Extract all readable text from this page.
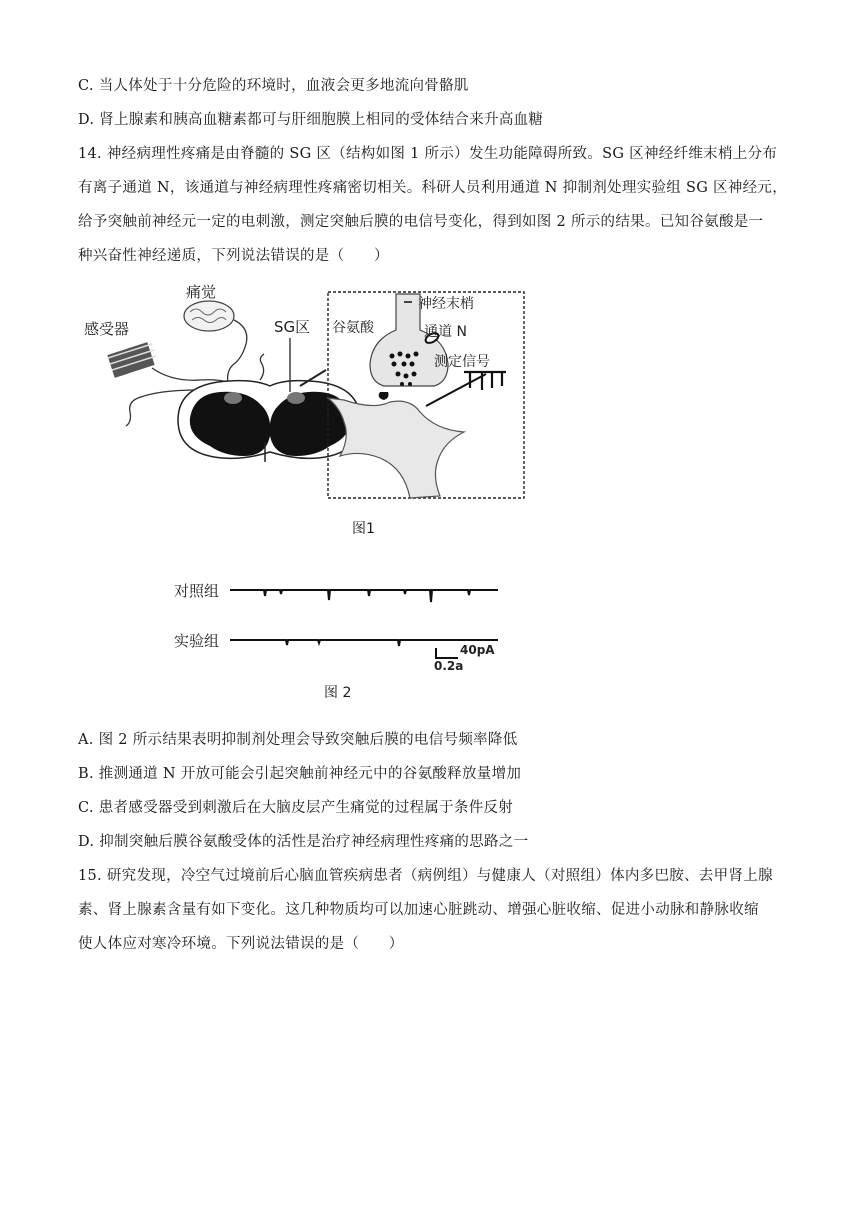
C. 当人体处于十分危险的环境时，血液会更多地流向骨骼肌
D. 肾上腺素和胰高血糖素都可与肝细胞膜上相同的受体结合来升高血糖
14. 神经病理性疼痛是由脊髓的 SG 区（结构如图 1 所示）发生功能障碍所致。SG 区神经纤维末梢上分布
有离子通道 N，该通道与神经病理性疼痛密切相关。科研人员利用通道 N 抑制剂处理实验组 SG 区神经元，
给予突触前神经元一定的电刺激，测定突触后膜的电信号变化，得到如图 2 所示的结果。已知谷氨酸是一
种兴奋性神经递质，下列说法错误的是（　　）
感受器
痛觉
SG区
神经末梢
谷氨酸	通道 N
测定信号
图1
对照组
实验组	40pA
0.2a
图 2
A. 图 2 所示结果表明抑制剂处理会导致突触后膜的电信号频率降低
B. 推测通道 N 开放可能会引起突触前神经元中的谷氨酸释放量增加
C. 患者感受器受到刺激后在大脑皮层产生痛觉的过程属于条件反射
D. 抑制突触后膜谷氨酸受体的活性是治疗神经病理性疼痛的思路之一
15. 研究发现，冷空气过境前后心脑血管疾病患者（病例组）与健康人（对照组）体内多巴胺、去甲肾上腺
素、肾上腺素含量有如下变化。这几种物质均可以加速心脏跳动、增强心脏收缩、促进小动脉和静脉收缩
使人体应对寒冷环境。下列说法错误的是（　　）
